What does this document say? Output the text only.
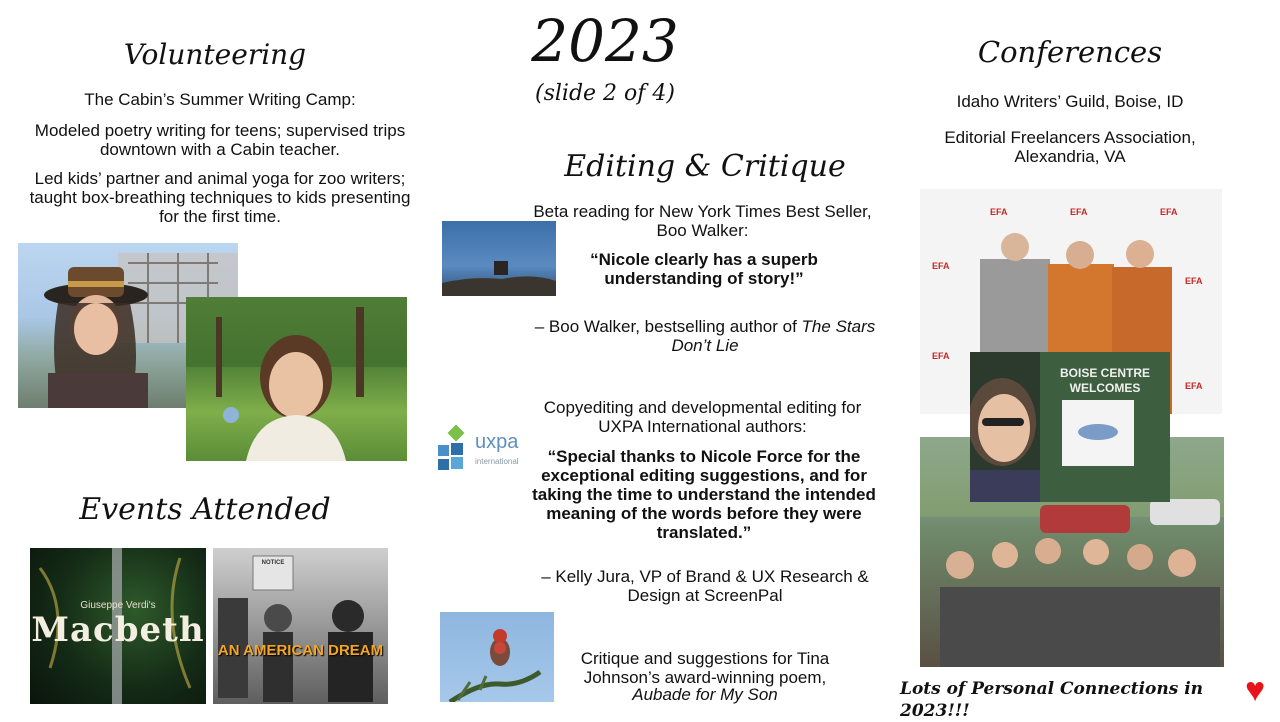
2023
(slide 2 of 4)
Volunteering
The Cabin’s Summer Writing Camp:
Modeled poetry writing for teens; supervised trips downtown with a Cabin teacher.
Led kids’ partner and animal yoga for zoo writers; taught box-breathing techniques to kids presenting for the first time.
Events Attended
Giuseppe Verdi's
Macbeth
NOTICE
AN AMERICAN DREAM
Editing & Critique
Beta reading for New York Times Best Seller, Boo Walker:
“Nicole clearly has a superb understanding of story!”
– Boo Walker, bestselling author of The Stars Don’t Lie
uxpa
international
Copyediting and developmental editing for UXPA International authors:
“Special thanks to Nicole Force for the exceptional editing suggestions, and for taking the time to understand the intended meaning of the words before they were translated.”
– Kelly Jura, VP of Brand & UX Research & Design at ScreenPal
Critique and suggestions for Tina Johnson’s award-winning poem,
Aubade for My Son
Conferences
Idaho Writers’ Guild, Boise, ID
Editorial Freelancers Association, Alexandria, VA
EFA	EFA	EFA
EFA
EFA
EFA
EFA
BOISE CENTRE
WELCOMES
Lots of Personal Connections in 2023!!!
♥
